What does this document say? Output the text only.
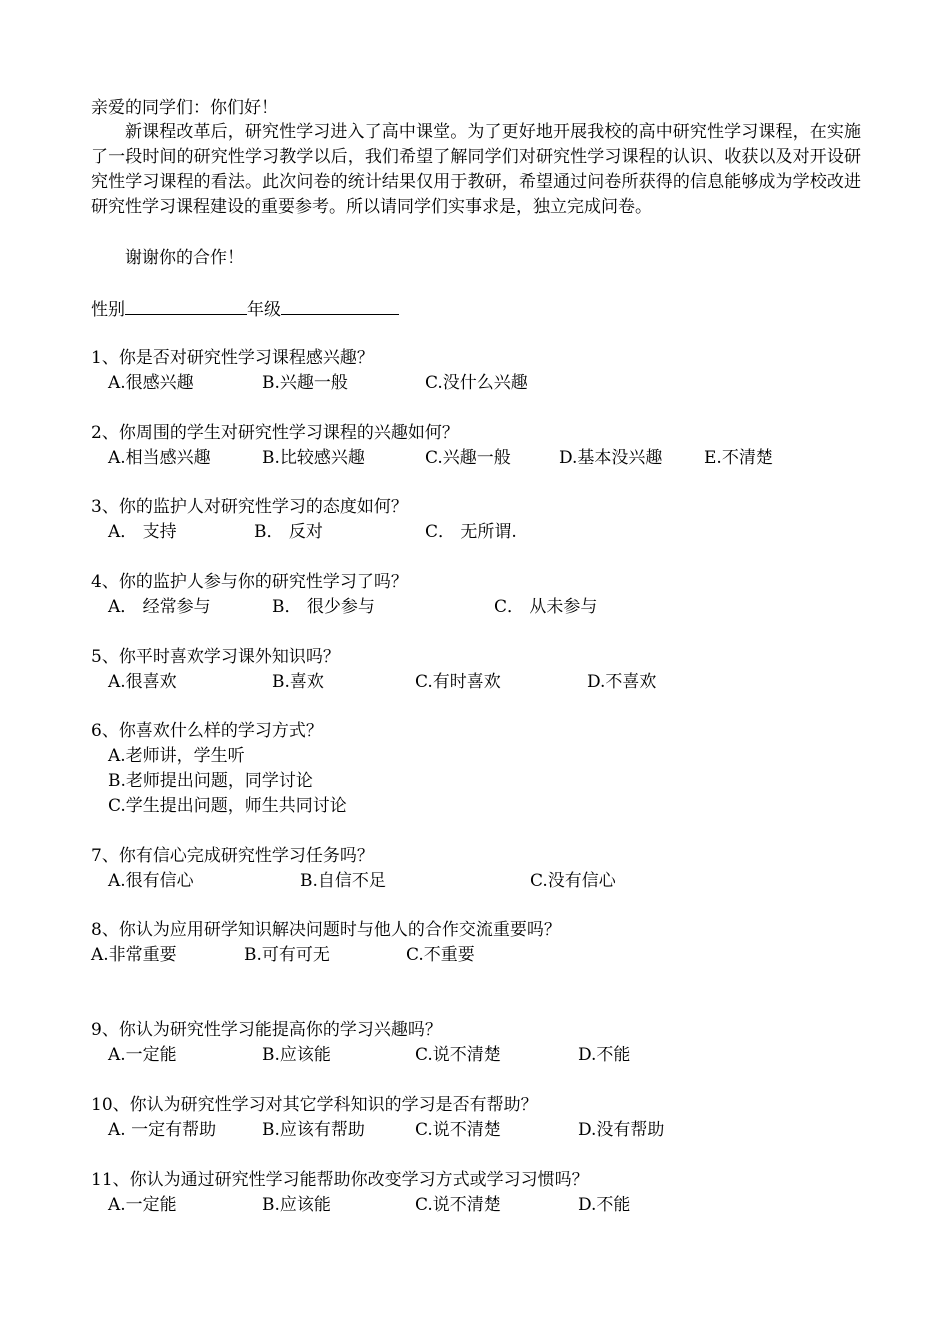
亲爱的同学们：你们好！
新课程改革后，研究性学习进入了高中课堂。为了更好地开展我校的高中研究性学习课程，在实施了一段时间的研究性学习教学以后，我们希望了解同学们对研究性学习课程的认识、收获以及对开设研究性学习课程的看法。此次问卷的统计结果仅用于教研，希望通过问卷所获得的信息能够成为学校改进研究性学习课程建设的重要参考。所以请同学们实事求是，独立完成问卷。
谢谢你的合作！
性别	年级
1、你是否对研究性学习课程感兴趣？
A.很感兴趣	B.兴趣一般	C.没什么兴趣
2、你周围的学生对研究性学习课程的兴趣如何？
A.相当感兴趣	B.比较感兴趣	C.兴趣一般	D.基本没兴趣 E.不清楚
3、你的监护人对研究性学习的态度如何？
A． 支持	B． 反对	C． 无所谓.
4、你的监护人参与你的研究性学习了吗？
A． 经常参与	B． 很少参与	C． 从未参与
5、你平时喜欢学习课外知识吗？
A.很喜欢	B.喜欢	C.有时喜欢	D.不喜欢
6、你喜欢什么样的学习方式？
A.老师讲，学生听
B.老师提出问题，同学讨论
C.学生提出问题，师生共同讨论
7、你有信心完成研究性学习任务吗？
A.很有信心	B.自信不足	C.没有信心
8、你认为应用研学知识解决问题时与他人的合作交流重要吗？
A.非常重要	B.可有可无	C.不重要
9、你认为研究性学习能提高你的学习兴趣吗？
A.一定能	B.应该能	C.说不清楚	D.不能
10、你认为研究性学习对其它学科知识的学习是否有帮助？
A. 一定有帮助	B.应该有帮助	C.说不清楚	D.没有帮助
11、你认为通过研究性学习能帮助你改变学习方式或学习习惯吗？
A.一定能	B.应该能	C.说不清楚	D.不能
